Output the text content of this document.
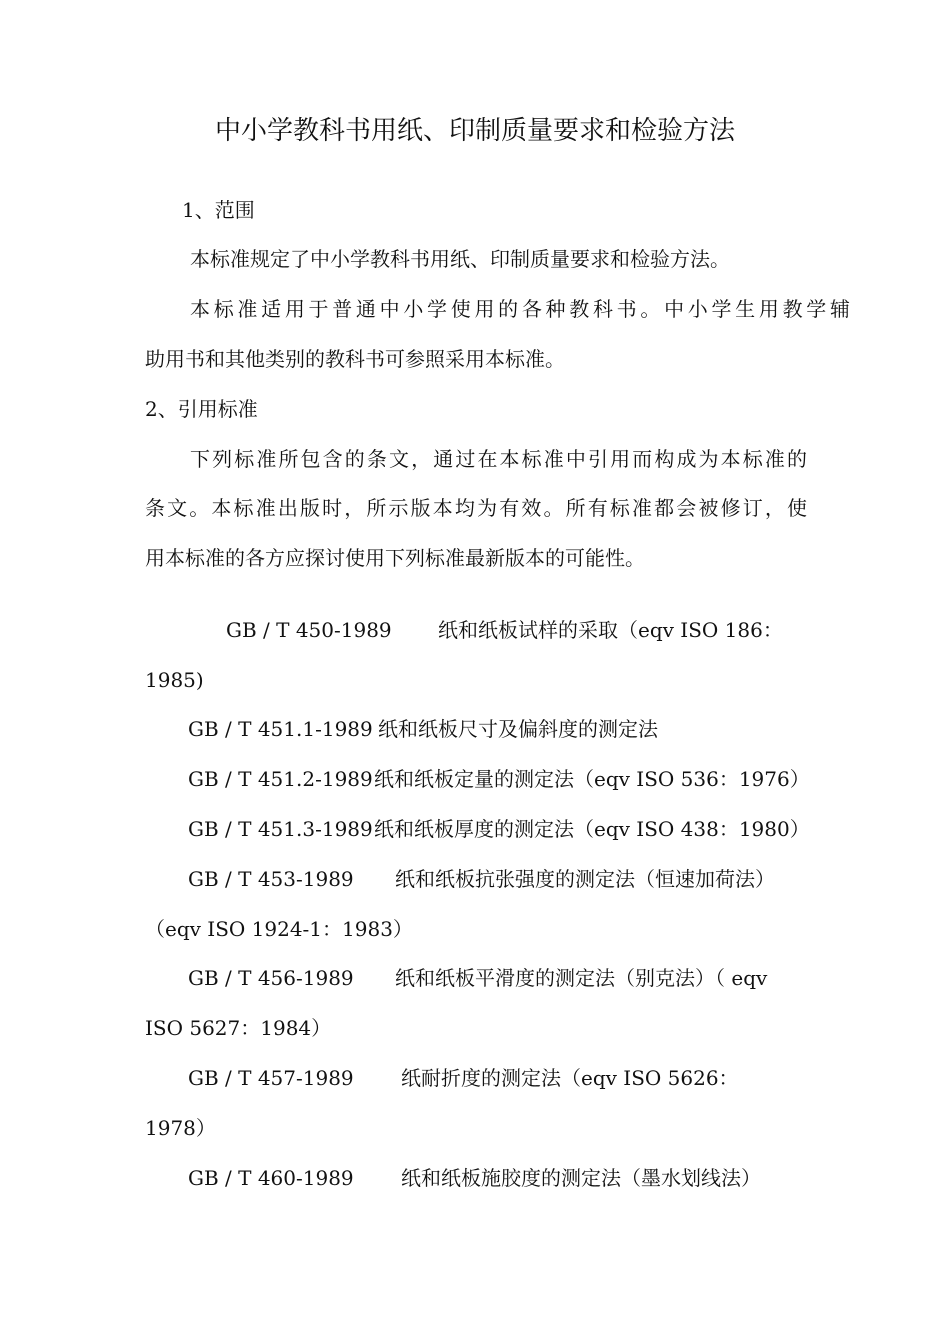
中小学教科书用纸、印制质量要求和检验方法
1、范围
本标准规定了中小学教科书用纸、印制质量要求和检验方法。
本标准适用于普通中小学使用的各种教科书。中小学生用教学辅
助用书和其他类别的教科书可参照采用本标准。
2、引用标准
下列标准所包含的条文，通过在本标准中引用而构成为本标准的
条文。本标准出版时，所示版本均为有效。所有标准都会被修订，使
用本标准的各方应探讨使用下列标准最新版本的可能性。
GB / T 450-1989 纸和纸板试样的采取（eqv ISO 186：
1985)
GB / T 451.1-1989 纸和纸板尺寸及偏斜度的测定法
GB / T 451.2-1989 纸和纸板定量的测定法（eqv ISO 536：1976）
GB / T 451.3-1989 纸和纸板厚度的测定法（eqv ISO 438：1980）
GB / T 453-1989 纸和纸板抗张强度的测定法（恒速加荷法）
（eqv ISO 1924-1：1983）
GB / T 456-1989 纸和纸板平滑度的测定法（别克法）（ eqv
ISO 5627：1984）
GB / T 457-1989 纸耐折度的测定法（eqv ISO 5626：
1978）
GB / T 460-1989 纸和纸板施胶度的测定法（墨水划线法）
